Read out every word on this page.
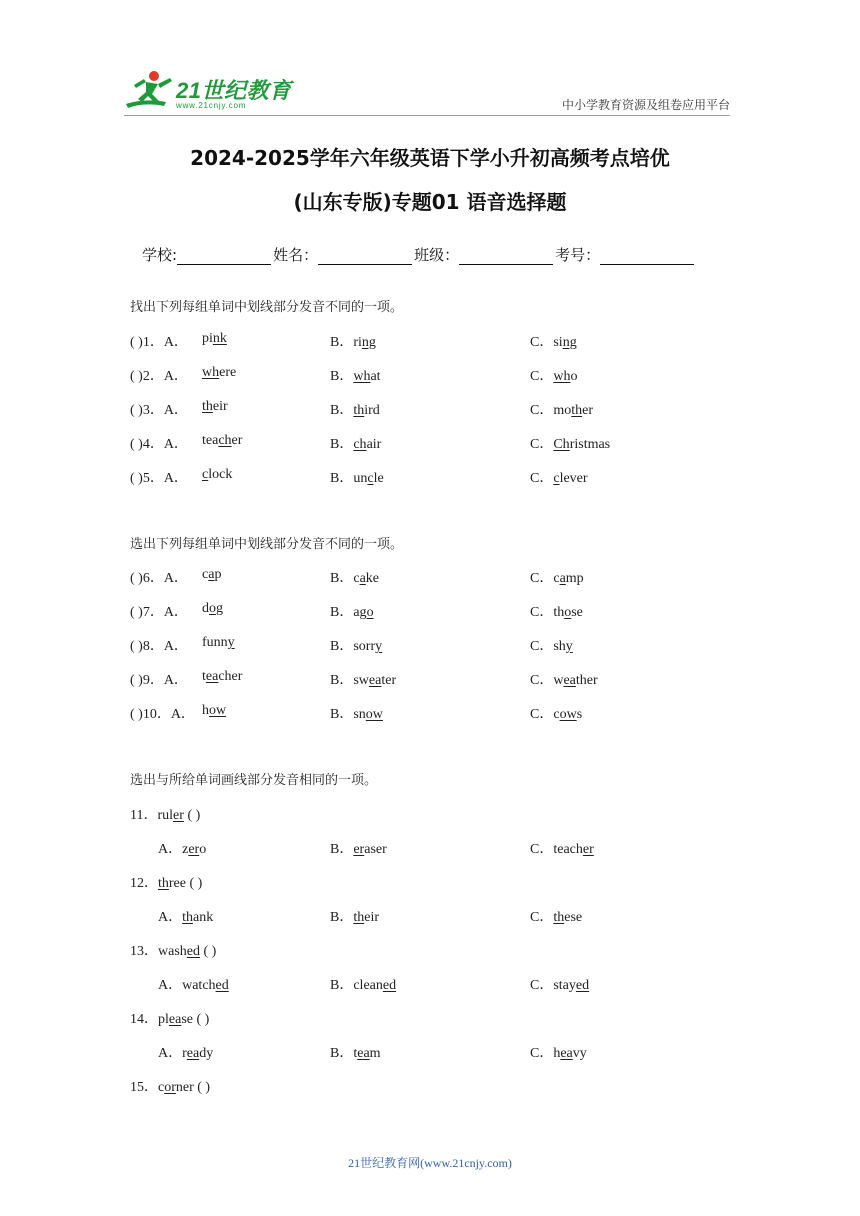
21世纪教育
www.21cnjy.com	中小学教育资源及组卷应用平台
2024-2025学年六年级英语下学小升初高频考点培优
(山东专版)专题01 语音选择题
学校:	姓名：	班级：	考号：
找出下列每组单词中划线部分发音不同的一项。
( )1．A． pink	B．ring	C．sing
( )2．A． where	B．what	C．who
( )3．A． their	B．third	C．mother
( )4．A． teacher	B．chair	C．Christmas
( )5．A． clock	B．uncle	C．clever
选出下列每组单词中划线部分发音不同的一项。
( )6．A． cap	B．cake	C．camp
( )7．A． dog	B．ago	C．those
( )8．A． funny	B．sorry	C．shy
( )9．A． teacher	B．sweater	C．weather
( )10．A． how	B．snow	C．cows
选出与所给单词画线部分发音相同的一项。
11．ruler ( )
A．zero	B．eraser	C．teacher
12．three ( )
A．thank	B．their	C．these
13．washed ( )
A．watched	B．cleaned	C．stayed
14．please ( )
A．ready	B．team	C．heavy
15．corner ( )
21世纪教育网(www.21cnjy.com)
